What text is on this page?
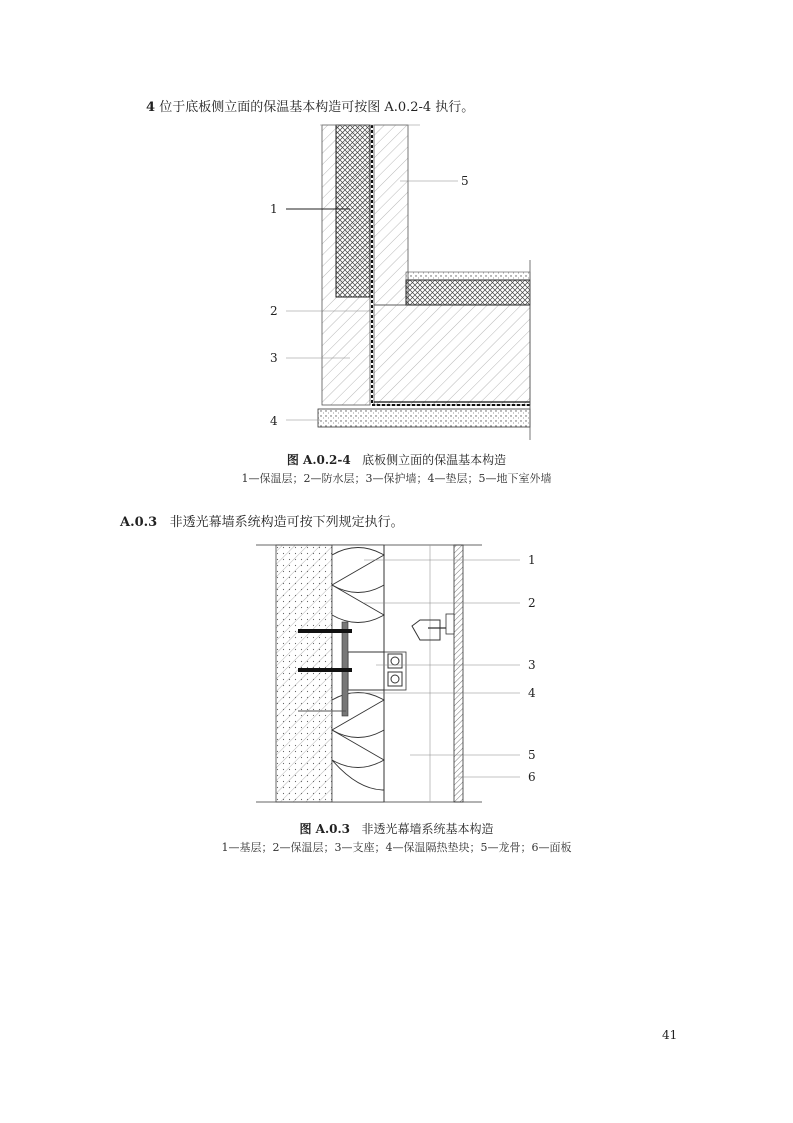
4 位于底板侧立面的保温基本构造可按图 A.0.2-4 执行。
1
2
3
4
5
图 A.0.2-4 底板侧立面的保温基本构造
1—保温层；2—防水层；3—保护墙；4—垫层；5—地下室外墙
A.0.3 非透光幕墙系统构造可按下列规定执行。
1
2
3
4
5
6
图 A.0.3 非透光幕墙系统基本构造
1—基层；2—保温层；3—支座；4—保温隔热垫块；5—龙骨；6—面板
41
